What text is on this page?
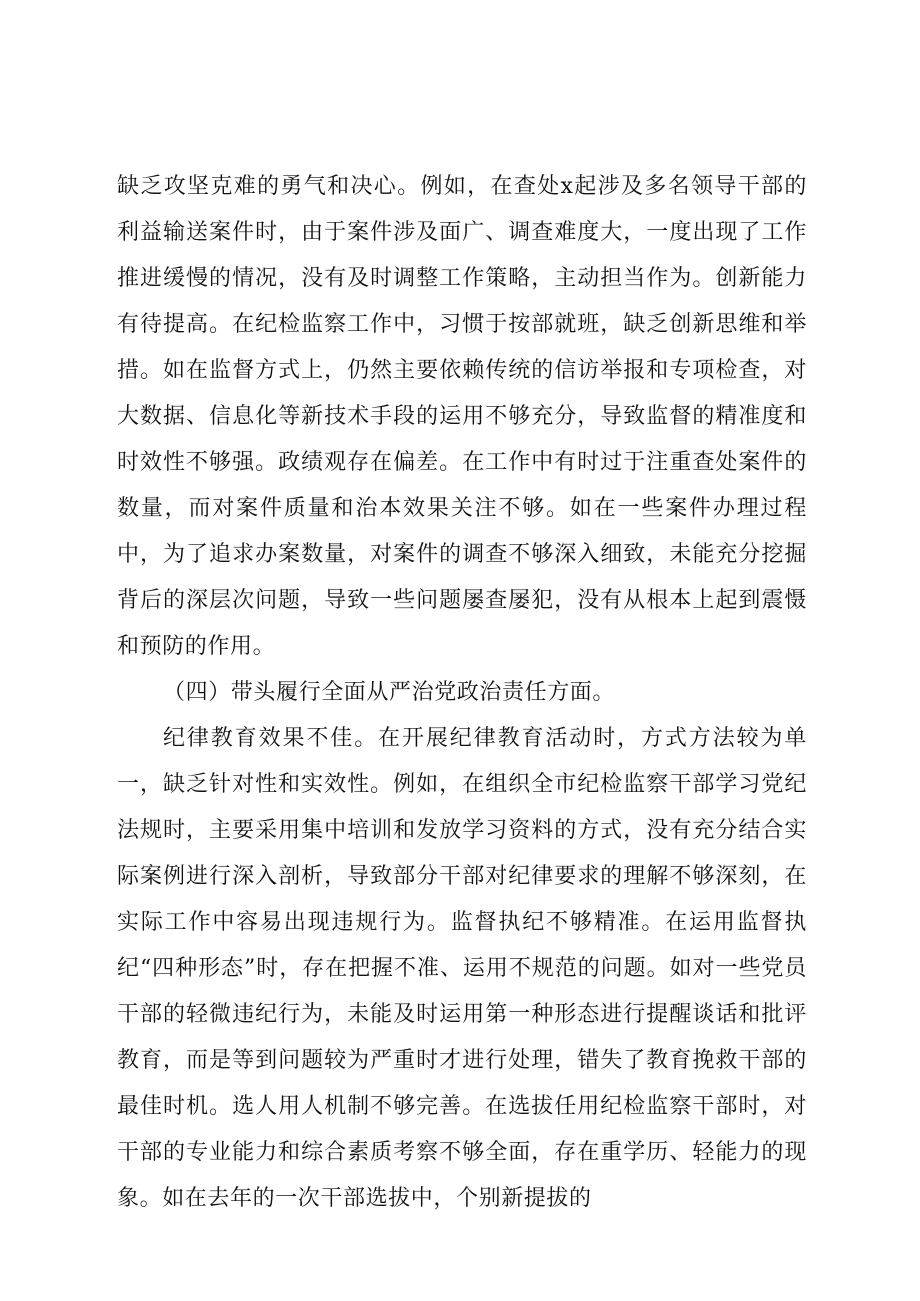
缺乏攻坚克难的勇气和决心。例如，在查处x起涉及多名领导干部的利益输送案件时，由于案件涉及面广、调查难度大，一度出现了工作推进缓慢的情况，没有及时调整工作策略，主动担当作为。创新能力有待提高。在纪检监察工作中，习惯于按部就班，缺乏创新思维和举措。如在监督方式上，仍然主要依赖传统的信访举报和专项检查，对大数据、信息化等新技术手段的运用不够充分，导致监督的精准度和时效性不够强。政绩观存在偏差。在工作中有时过于注重查处案件的数量，而对案件质量和治本效果关注不够。如在一些案件办理过程中，为了追求办案数量，对案件的调查不够深入细致，未能充分挖掘背后的深层次问题，导致一些问题屡查屡犯，没有从根本上起到震慑和预防的作用。

（四）带头履行全面从严治党政治责任方面。

纪律教育效果不佳。在开展纪律教育活动时，方式方法较为单一，缺乏针对性和实效性。例如，在组织全市纪检监察干部学习党纪法规时，主要采用集中培训和发放学习资料的方式，没有充分结合实际案例进行深入剖析，导致部分干部对纪律要求的理解不够深刻，在实际工作中容易出现违规行为。监督执纪不够精准。在运用监督执纪“四种形态”时，存在把握不准、运用不规范的问题。如对一些党员干部的轻微违纪行为，未能及时运用第一种形态进行提醒谈话和批评教育，而是等到问题较为严重时才进行处理，错失了教育挽救干部的最佳时机。选人用人机制不够完善。在选拔任用纪检监察干部时，对干部的专业能力和综合素质考察不够全面，存在重学历、轻能力的现象。如在去年的一次干部选拔中，个别新提拔的
